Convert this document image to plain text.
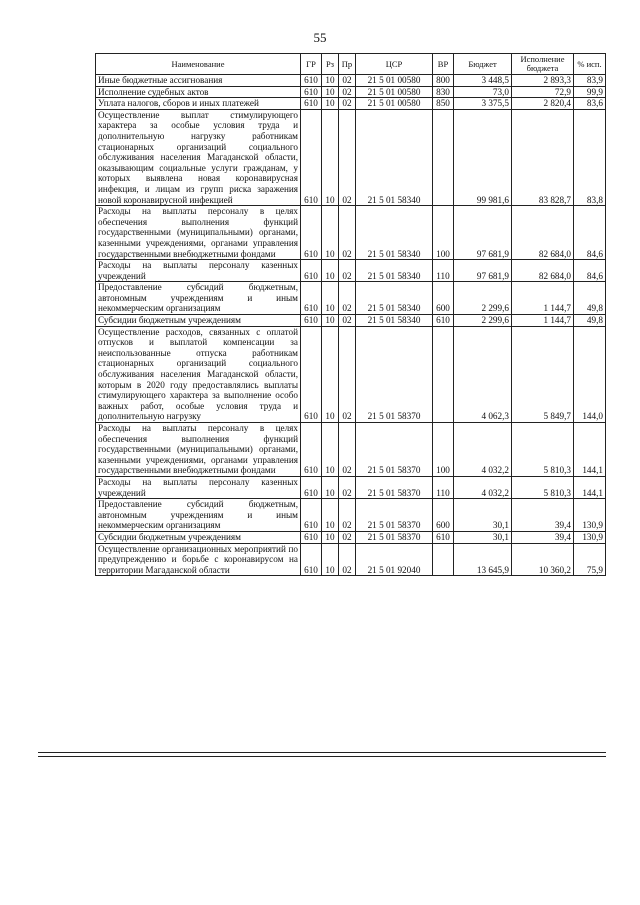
55
Наименование	ГР	Рз	Пр	ЦСР	ВР	Бюджет	Исполнение бюджета	% исп.
Иные бюджетные ассигнования	610	10	02	21 5 01 00580	800	3 448,5	2 893,3	83,9
Исполнение судебных актов	610	10	02	21 5 01 00580	830	73,0	72,9	99,9
Уплата налогов, сборов и иных платежей	610	10	02	21 5 01 00580	850	3 375,5	2 820,4	83,6
Осуществление выплат стимулирующего характера за особые условия труда и дополнительную нагрузку работникам стационарных организаций социального обслуживания населения Магаданской области, оказывающим социальные услуги гражданам, у которых выявлена новая коронавирусная инфекция, и лицам из групп риска заражения новой коронавирусной инфекцией	610	10	02	21 5 01 58340		99 981,6	83 828,7	83,8
Расходы на выплаты персоналу в целях обеспечения выполнения функций государственными (муниципальными) органами, казенными учреждениями, органами управления государственными внебюджетными фондами	610	10	02	21 5 01 58340	100	97 681,9	82 684,0	84,6
Расходы на выплаты персоналу казенных учреждений	610	10	02	21 5 01 58340	110	97 681,9	82 684,0	84,6
Предоставление субсидий бюджетным, автономным учреждениям и иным некоммерческим организациям	610	10	02	21 5 01 58340	600	2 299,6	1 144,7	49,8
Субсидии бюджетным учреждениям	610	10	02	21 5 01 58340	610	2 299,6	1 144,7	49,8
Осуществление расходов, связанных с оплатой отпусков и выплатой компенсации за неиспользованные отпуска работникам стационарных организаций социального обслуживания населения Магаданской области, которым в 2020 году предоставлялись выплаты стимулирующего характера за выполнение особо важных работ, особые условия труда и дополнительную нагрузку	610	10	02	21 5 01 58370		4 062,3	5 849,7	144,0
Расходы на выплаты персоналу в целях обеспечения выполнения функций государственными (муниципальными) органами, казенными учреждениями, органами управления государственными внебюджетными фондами	610	10	02	21 5 01 58370	100	4 032,2	5 810,3	144,1
Расходы на выплаты персоналу казенных учреждений	610	10	02	21 5 01 58370	110	4 032,2	5 810,3	144,1
Предоставление субсидий бюджетным, автономным учреждениям и иным некоммерческим организациям	610	10	02	21 5 01 58370	600	30,1	39,4	130,9
Субсидии бюджетным учреждениям	610	10	02	21 5 01 58370	610	30,1	39,4	130,9
Осуществление организационных мероприятий по предупреждению и борьбе с коронавирусом на территории Магаданской области	610	10	02	21 5 01 92040		13 645,9	10 360,2	75,9
